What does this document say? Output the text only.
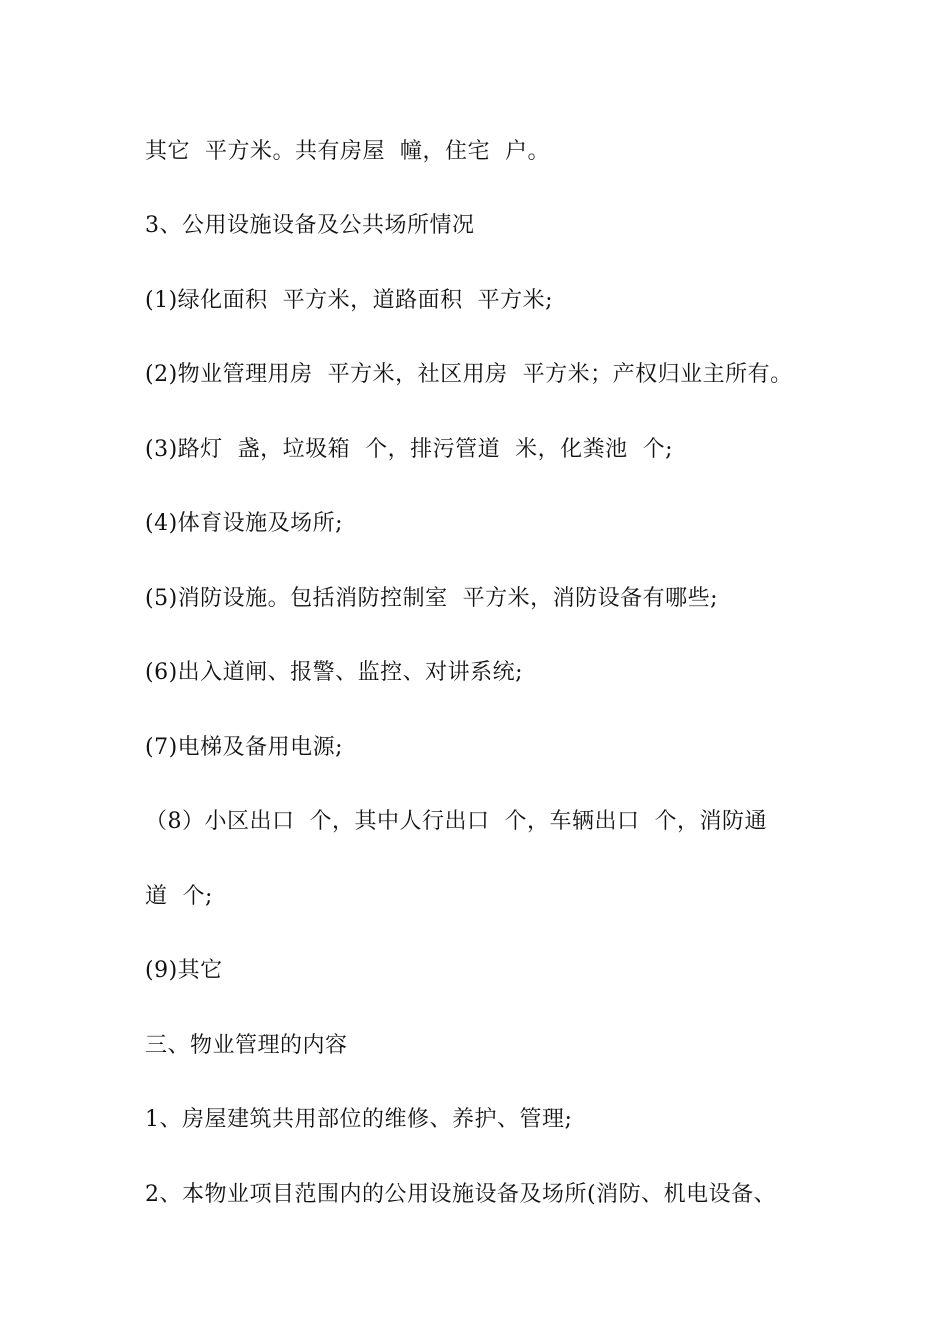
其它  平方米。共有房屋  幢，住宅  户。
3、公用设施设备及公共场所情况
(1)绿化面积  平方米，道路面积  平方米;
(2)物业管理用房  平方米，社区用房  平方米；产权归业主所有。
(3)路灯  盏，垃圾箱  个，排污管道  米，化粪池  个;
(4)体育设施及场所;
(5)消防设施。包括消防控制室  平方米，消防设备有哪些;
(6)出入道闸、报警、监控、对讲系统;
(7)电梯及备用电源;
（8）小区出口  个，其中人行出口  个，车辆出口  个，消防通
道  个;
(9)其它
三、物业管理的内容
1、房屋建筑共用部位的维修、养护、管理;
2、本物业项目范围内的公用设施设备及场所(消防、机电设备、
